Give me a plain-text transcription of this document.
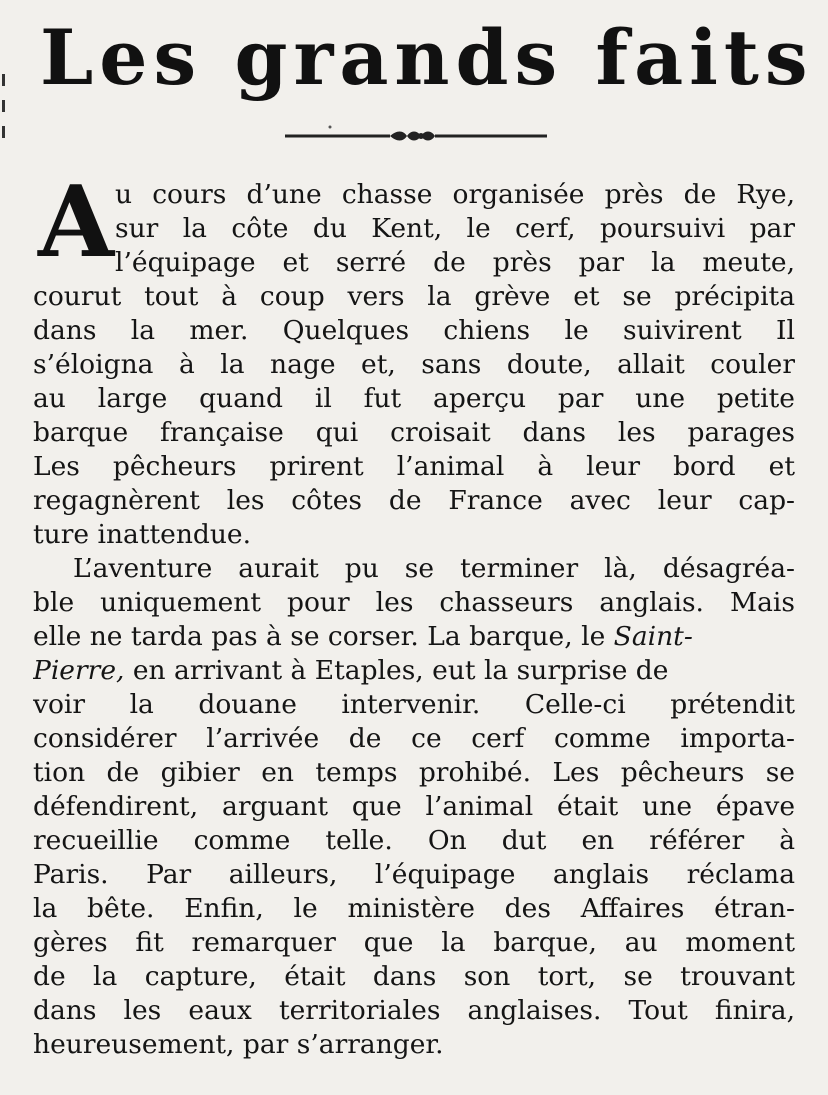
Les grands faits
A u cours d’une chasse organisée près de Rye,
sur la côte du Kent, le cerf, poursuivi par
l’équipage et serré de près par la meute,
courut tout à coup vers la grève et se précipita
dans la mer. Quelques chiens le suivirent Il
s’éloigna à la nage et, sans doute, allait couler
au large quand il fut aperçu par une petite
barque française qui croisait dans les parages
Les pêcheurs prirent l’animal à leur bord et
regagnèrent les côtes de France avec leur cap-
ture inattendue.
L’aventure aurait pu se terminer là, désagréa-
ble uniquement pour les chasseurs anglais. Mais
elle ne tarda pas à se corser. La barque, le Saint-
Pierre, en arrivant à Etaples, eut la surprise de
voir la douane intervenir. Celle-ci prétendit
considérer l’arrivée de ce cerf comme importa-
tion de gibier en temps prohibé. Les pêcheurs se
défendirent, arguant que l’animal était une épave
recueillie comme telle. On dut en référer à
Paris. Par ailleurs, l’équipage anglais réclama
la bête. Enfin, le ministère des Affaires étran-
gères fit remarquer que la barque, au moment
de la capture, était dans son tort, se trouvant
dans les eaux territoriales anglaises. Tout finira,
heureusement, par s’arranger.
